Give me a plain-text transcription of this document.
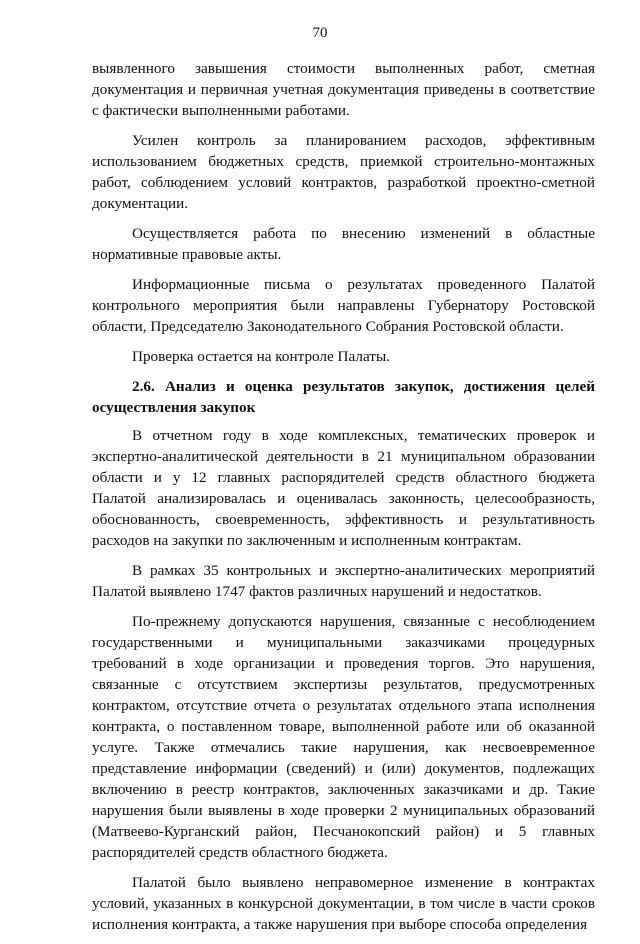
70

выявленного завышения стоимости выполненных работ, сметная документация и первичная учетная документация приведены в соответствие с фактически выполненными работами.

Усилен контроль за планированием расходов, эффективным использованием бюджетных средств, приемкой строительно-монтажных работ, соблюдением условий контрактов, разработкой проектно-сметной документации.

Осуществляется работа по внесению изменений в областные нормативные правовые акты.

Информационные письма о результатах проведенного Палатой контрольного мероприятия были направлены Губернатору Ростовской области, Председателю Законодательного Собрания Ростовской области.

Проверка остается на контроле Палаты.

2.6. Анализ и оценка результатов закупок, достижения целей осуществления закупок

В отчетном году в ходе комплексных, тематических проверок и экспертно-аналитической деятельности в 21 муниципальном образовании области и у 12 главных распорядителей средств областного бюджета Палатой анализировалась и оценивалась законность, целесообразность, обоснованность, своевременность, эффективность и результативность расходов на закупки по заключенным и исполненным контрактам.

В рамках 35 контрольных и экспертно-аналитических мероприятий Палатой выявлено 1747 фактов различных нарушений и недостатков.

По-прежнему допускаются нарушения, связанные с несоблюдением государственными и муниципальными заказчиками процедурных требований в ходе организации и проведения торгов. Это нарушения, связанные с отсутствием экспертизы результатов, предусмотренных контрактом, отсутствие отчета о результатах отдельного этапа исполнения контракта, о поставленном товаре, выполненной работе или об оказанной услуге. Также отмечались такие нарушения, как несвоевременное представление информации (сведений) и (или) документов, подлежащих включению в реестр контрактов, заключенных заказчиками и др. Такие нарушения были выявлены в ходе проверки 2 муниципальных образований (Матвеево-Курганский район, Песчанокопский район) и 5 главных распорядителей средств областного бюджета.

Палатой было выявлено неправомерное изменение в контрактах условий, указанных в конкурсной документации, в том числе в части сроков исполнения контракта, а также нарушения при выборе способа определения
